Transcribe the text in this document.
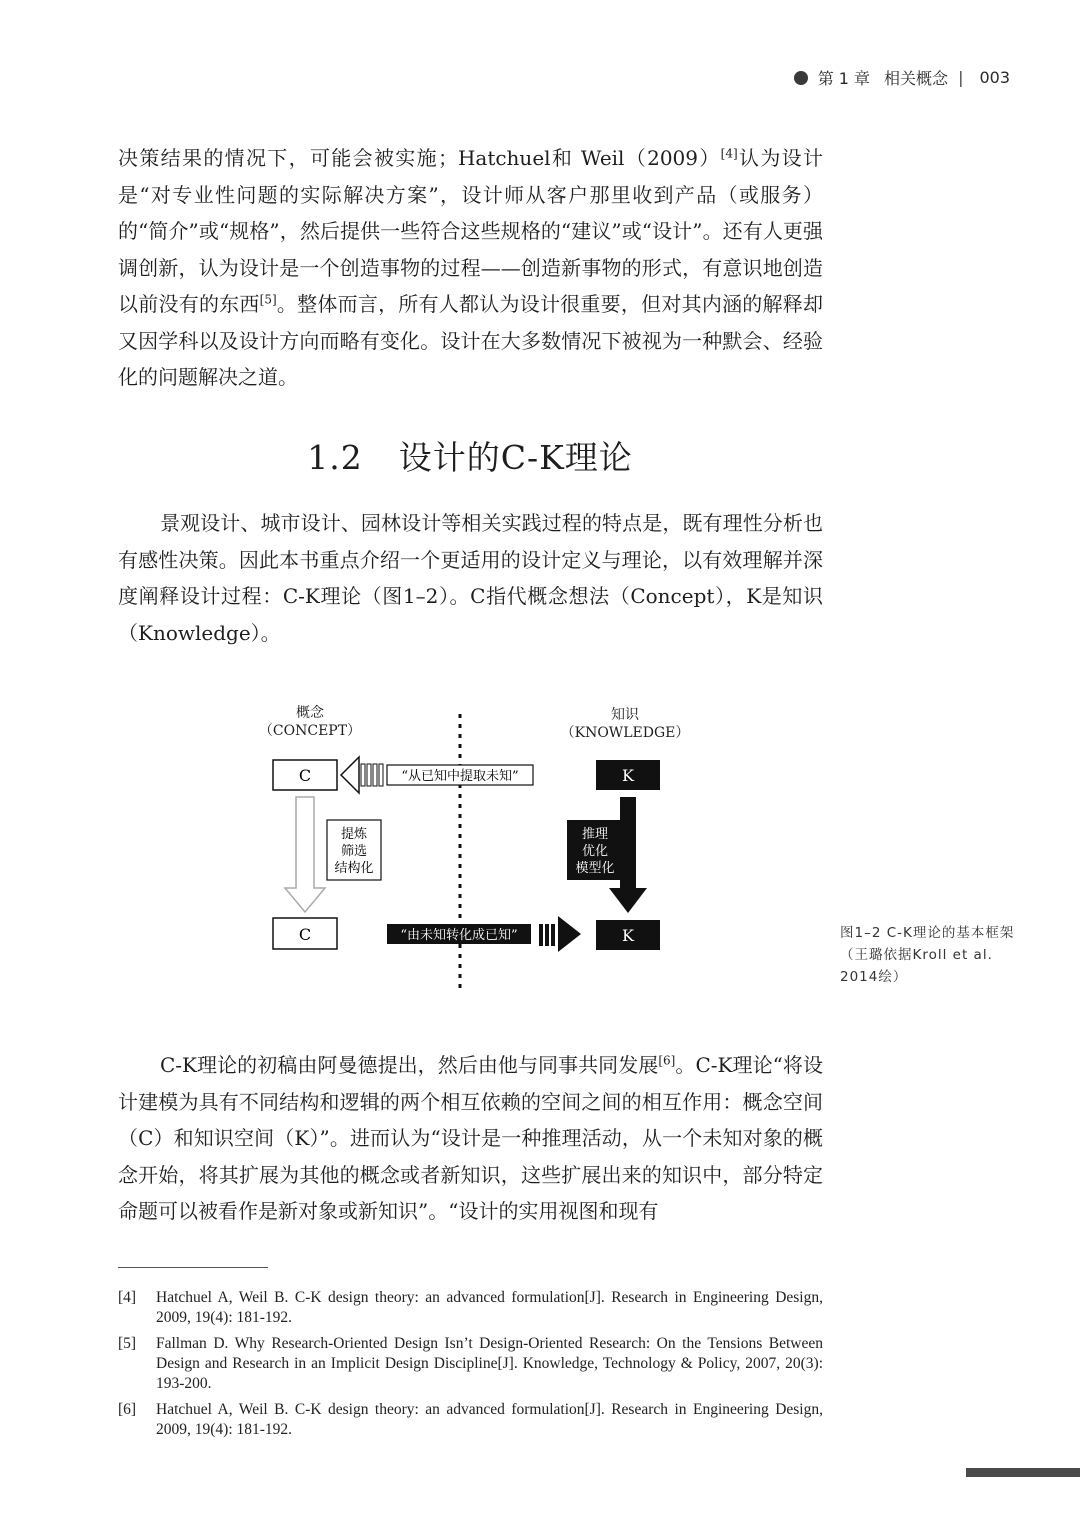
第 1 章 相关概念 | 003

决策结果的情况下，可能会被实施；Hatchuel和 Weil（2009）[4]认为设计是“对专业性问题的实际解决方案”，设计师从客户那里收到产品（或服务）的“简介”或“规格”，然后提供一些符合这些规格的“建议”或“设计”。还有人更强调创新，认为设计是一个创造事物的过程——创造新事物的形式，有意识地创造以前没有的东西[5]。整体而言，所有人都认为设计很重要，但对其内涵的解释却又因学科以及设计方向而略有变化。设计在大多数情况下被视为一种默会、经验化的问题解决之道。

1.2 设计的C-K理论

景观设计、城市设计、园林设计等相关实践过程的特点是，既有理性分析也有感性决策。因此本书重点介绍一个更适用的设计定义与理论，以有效理解并深度阐释设计过程：C-K理论（图1–2）。C指代概念想法（Concept），K是知识（Knowledge）。

概念
（CONCEPT）
知识
（KNOWLEDGE）
C
C
提炼
筛选
结构化
“从已知中提取未知”	K
K
推理
优化
模型化
“由未知转化成已知”	图1–2 C-K理论的基本框架（王璐依据Kroll et al. 2014绘）

C-K理论的初稿由阿曼德提出，然后由他与同事共同发展[6]。C-K理论“将设计建模为具有不同结构和逻辑的两个相互依赖的空间之间的相互作用：概念空间（C）和知识空间（K）”。进而认为“设计是一种推理活动，从一个未知对象的概念开始，将其扩展为其他的概念或者新知识，这些扩展出来的知识中，部分特定命题可以被看作是新对象或新知识”。“设计的实用视图和现有

[4]	Hatchuel A, Weil B. C-K design theory: an advanced formulation[J]. Research in Engineering Design, 2009, 19(4): 181-192.
[5]	Fallman D. Why Research-Oriented Design Isn’t Design-Oriented Research: On the Tensions Between Design and Research in an Implicit Design Discipline[J]. Knowledge, Technology & Policy, 2007, 20(3): 193-200.
[6]	Hatchuel A, Weil B. C-K design theory: an advanced formulation[J]. Research in Engineering Design, 2009, 19(4): 181-192.
